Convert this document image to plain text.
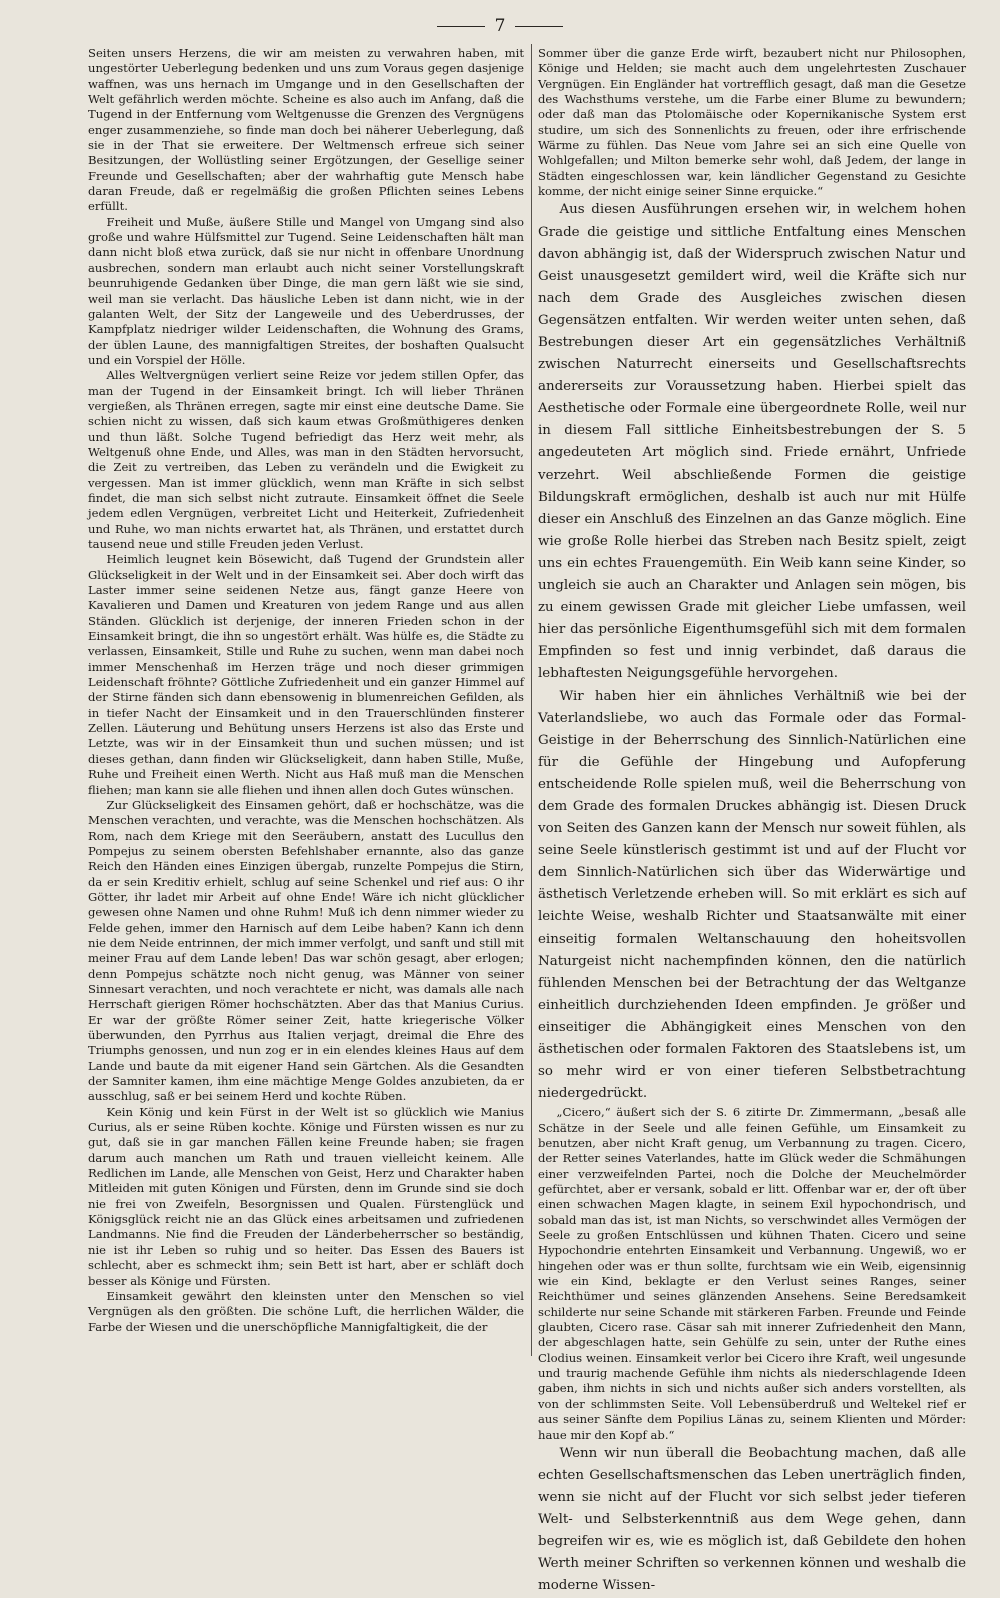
7

Seiten unsers Herzens, die wir am meisten zu verwahren haben, mit ungestörter Ueberlegung bedenken und uns zum Voraus gegen dasjenige waffnen, was uns hernach im Umgange und in den Gesellschaften der Welt gefährlich werden möchte. Scheine es also auch im Anfang, daß die Tugend in der Entfernung vom Weltgenusse die Grenzen des Vergnügens enger zusammenziehe, so finde man doch bei näherer Ueberlegung, daß sie in der That sie erweitere. Der Weltmensch erfreue sich seiner Besitzungen, der Wollüstling seiner Ergötzungen, der Gesellige seiner Freunde und Gesellschaften; aber der wahrhaftig gute Mensch habe daran Freude, daß er regelmäßig die großen Pflichten seines Lebens erfüllt.

Freiheit und Muße, äußere Stille und Mangel von Umgang sind also große und wahre Hülfsmittel zur Tugend. Seine Leidenschaften hält man dann nicht bloß etwa zurück, daß sie nur nicht in offenbare Unordnung ausbrechen, sondern man erlaubt auch nicht seiner Vorstellungskraft beunruhigende Gedanken über Dinge, die man gern läßt wie sie sind, weil man sie verlacht. Das häusliche Leben ist dann nicht, wie in der galanten Welt, der Sitz der Langeweile und des Ueberdrusses, der Kampfplatz niedriger wilder Leidenschaften, die Wohnung des Grams, der üblen Laune, des mannigfaltigen Streites, der boshaften Qualsucht und ein Vorspiel der Hölle.

Alles Weltvergnügen verliert seine Reize vor jedem stillen Opfer, das man der Tugend in der Einsamkeit bringt. Ich will lieber Thränen vergießen, als Thränen erregen, sagte mir einst eine deutsche Dame. Sie schien nicht zu wissen, daß sich kaum etwas Großmüthigeres denken und thun läßt. Solche Tugend befriedigt das Herz weit mehr, als Weltgenuß ohne Ende, und Alles, was man in den Städten hervorsucht, die Zeit zu vertreiben, das Leben zu verändeln und die Ewigkeit zu vergessen. Man ist immer glücklich, wenn man Kräfte in sich selbst findet, die man sich selbst nicht zutraute. Einsamkeit öffnet die Seele jedem edlen Vergnügen, verbreitet Licht und Heiterkeit, Zufriedenheit und Ruhe, wo man nichts erwartet hat, als Thränen, und erstattet durch tausend neue und stille Freuden jeden Verlust.

Heimlich leugnet kein Bösewicht, daß Tugend der Grundstein aller Glückseligkeit in der Welt und in der Einsamkeit sei. Aber doch wirft das Laster immer seine seidenen Netze aus, fängt ganze Heere von Kavalieren und Damen und Kreaturen von jedem Range und aus allen Ständen. Glücklich ist derjenige, der inneren Frieden schon in der Einsamkeit bringt, die ihn so ungestört erhält. Was hülfe es, die Städte zu verlassen, Einsamkeit, Stille und Ruhe zu suchen, wenn man dabei noch immer Menschenhaß im Herzen träge und noch dieser grimmigen Leidenschaft fröhnte? Göttliche Zufriedenheit und ein ganzer Himmel auf der Stirne fänden sich dann ebensowenig in blumenreichen Gefilden, als in tiefer Nacht der Einsamkeit und in den Trauerschlünden finsterer Zellen. Läuterung und Behütung unsers Herzens ist also das Erste und Letzte, was wir in der Einsamkeit thun und suchen müssen; und ist dieses gethan, dann finden wir Glückseligkeit, dann haben Stille, Muße, Ruhe und Freiheit einen Werth. Nicht aus Haß muß man die Menschen fliehen; man kann sie alle fliehen und ihnen allen doch Gutes wünschen.

Zur Glückseligkeit des Einsamen gehört, daß er hochschätze, was die Menschen verachten, und verachte, was die Menschen hochschätzen. Als Rom, nach dem Kriege mit den Seeräubern, anstatt des Lucullus den Pompejus zu seinem obersten Befehlshaber ernannte, also das ganze Reich den Händen eines Einzigen übergab, runzelte Pompejus die Stirn, da er sein Kreditiv erhielt, schlug auf seine Schenkel und rief aus: O ihr Götter, ihr ladet mir Arbeit auf ohne Ende! Wäre ich nicht glücklicher gewesen ohne Namen und ohne Ruhm! Muß ich denn nimmer wieder zu Felde gehen, immer den Harnisch auf dem Leibe haben? Kann ich denn nie dem Neide entrinnen, der mich immer verfolgt, und sanft und still mit meiner Frau auf dem Lande leben! Das war schön gesagt, aber erlogen; denn Pompejus schätzte noch nicht genug, was Männer von seiner Sinnesart verachten, und noch verachtete er nicht, was damals alle nach Herrschaft gierigen Römer hochschätzten. Aber das that Manius Curius. Er war der größte Römer seiner Zeit, hatte kriegerische Völker überwunden, den Pyrrhus aus Italien verjagt, dreimal die Ehre des Triumphs genossen, und nun zog er in ein elendes kleines Haus auf dem Lande und baute da mit eigener Hand sein Gärtchen. Als die Gesandten der Samniter kamen, ihm eine mächtige Menge Goldes anzubieten, da er ausschlug, saß er bei seinem Herd und kochte Rüben.

Kein König und kein Fürst in der Welt ist so glücklich wie Manius Curius, als er seine Rüben kochte. Könige und Fürsten wissen es nur zu gut, daß sie in gar manchen Fällen keine Freunde haben; sie fragen darum auch manchen um Rath und trauen vielleicht keinem. Alle Redlichen im Lande, alle Menschen von Geist, Herz und Charakter haben Mitleiden mit guten Königen und Fürsten, denn im Grunde sind sie doch nie frei von Zweifeln, Besorgnissen und Qualen. Fürstenglück und Königsglück reicht nie an das Glück eines arbeitsamen und zufriedenen Landmanns. Nie find die Freuden der Länderbeherrscher so beständig, nie ist ihr Leben so ruhig und so heiter. Das Essen des Bauers ist schlecht, aber es schmeckt ihm; sein Bett ist hart, aber er schläft doch besser als Könige und Fürsten.

Einsamkeit gewährt den kleinsten unter den Menschen so viel Vergnügen als den größten. Die schöne Luft, die herrlichen Wälder, die Farbe der Wiesen und die unerschöpfliche Mannigfaltigkeit, die der

Sommer über die ganze Erde wirft, bezaubert nicht nur Philosophen, Könige und Helden; sie macht auch dem ungelehrtesten Zuschauer Vergnügen. Ein Engländer hat vortrefflich gesagt, daß man die Gesetze des Wachsthums verstehe, um die Farbe einer Blume zu bewundern; oder daß man das Ptolomäische oder Kopernikanische System erst studire, um sich des Sonnenlichts zu freuen, oder ihre erfrischende Wärme zu fühlen. Das Neue vom Jahre sei an sich eine Quelle von Wohlgefallen; und Milton bemerke sehr wohl, daß Jedem, der lange in Städten eingeschlossen war, kein ländlicher Gegenstand zu Gesichte komme, der nicht einige seiner Sinne erquicke.“

Aus diesen Ausführungen ersehen wir, in welchem hohen Grade die geistige und sittliche Entfaltung eines Menschen davon abhängig ist, daß der Widerspruch zwischen Natur und Geist unausgesetzt gemildert wird, weil die Kräfte sich nur nach dem Grade des Ausgleiches zwischen diesen Gegensätzen entfalten. Wir werden weiter unten sehen, daß Bestrebungen dieser Art ein gegensätzliches Verhältniß zwischen Naturrecht einerseits und Gesellschaftsrechts andererseits zur Voraussetzung haben. Hierbei spielt das Aesthetische oder Formale eine übergeordnete Rolle, weil nur in diesem Fall sittliche Einheitsbestrebungen der S. 5 angedeuteten Art möglich sind. Friede ernährt, Unfriede verzehrt. Weil abschließende Formen die geistige Bildungskraft ermöglichen, deshalb ist auch nur mit Hülfe dieser ein Anschluß des Einzelnen an das Ganze möglich. Eine wie große Rolle hierbei das Streben nach Besitz spielt, zeigt uns ein echtes Frauengemüth. Ein Weib kann seine Kinder, so ungleich sie auch an Charakter und Anlagen sein mögen, bis zu einem gewissen Grade mit gleicher Liebe umfassen, weil hier das persönliche Eigenthumsgefühl sich mit dem formalen Empfinden so fest und innig verbindet, daß daraus die lebhaftesten Neigungsgefühle hervorgehen.

Wir haben hier ein ähnliches Verhältniß wie bei der Vaterlandsliebe, wo auch das Formale oder das Formal-Geistige in der Beherrschung des Sinnlich-Natürlichen eine für die Gefühle der Hingebung und Aufopferung entscheidende Rolle spielen muß, weil die Beherrschung von dem Grade des formalen Druckes abhängig ist. Diesen Druck von Seiten des Ganzen kann der Mensch nur soweit fühlen, als seine Seele künstlerisch gestimmt ist und auf der Flucht vor dem Sinnlich-Natürlichen sich über das Widerwärtige und ästhetisch Verletzende erheben will. So mit erklärt es sich auf leichte Weise, weshalb Richter und Staatsanwälte mit einer einseitig formalen Weltanschauung den hoheitsvollen Naturgeist nicht nachempfinden können, den die natürlich fühlenden Menschen bei der Betrachtung der das Weltganze einheitlich durchziehenden Ideen empfinden. Je größer und einseitiger die Abhängigkeit eines Menschen von den ästhetischen oder formalen Faktoren des Staatslebens ist, um so mehr wird er von einer tieferen Selbstbetrachtung niedergedrückt.

„Cicero,“ äußert sich der S. 6 zitirte Dr. Zimmermann, „besaß alle Schätze in der Seele und alle feinen Gefühle, um Einsamkeit zu benutzen, aber nicht Kraft genug, um Verbannung zu tragen. Cicero, der Retter seines Vaterlandes, hatte im Glück weder die Schmähungen einer verzweifelnden Partei, noch die Dolche der Meuchelmörder gefürchtet, aber er versank, sobald er litt. Offenbar war er, der oft über einen schwachen Magen klagte, in seinem Exil hypochondrisch, und sobald man das ist, ist man Nichts, so verschwindet alles Vermögen der Seele zu großen Entschlüssen und kühnen Thaten. Cicero und seine Hypochondrie entehrten Einsamkeit und Verbannung. Ungewiß, wo er hingehen oder was er thun sollte, furchtsam wie ein Weib, eigensinnig wie ein Kind, beklagte er den Verlust seines Ranges, seiner Reichthümer und seines glänzenden Ansehens. Seine Beredsamkeit schilderte nur seine Schande mit stärkeren Farben. Freunde und Feinde glaubten, Cicero rase. Cäsar sah mit innerer Zufriedenheit den Mann, der abgeschlagen hatte, sein Gehülfe zu sein, unter der Ruthe eines Clodius weinen. Einsamkeit verlor bei Cicero ihre Kraft, weil ungesunde und traurig machende Gefühle ihm nichts als niederschlagende Ideen gaben, ihm nichts in sich und nichts außer sich anders vorstellten, als von der schlimmsten Seite. Voll Lebensüberdruß und Weltekel rief er aus seiner Sänfte dem Popilius Länas zu, seinem Klienten und Mörder: haue mir den Kopf ab.“

Wenn wir nun überall die Beobachtung machen, daß alle echten Gesellschaftsmenschen das Leben unerträglich finden, wenn sie nicht auf der Flucht vor sich selbst jeder tieferen Welt- und Selbsterkenntniß aus dem Wege gehen, dann begreifen wir es, wie es möglich ist, daß Gebildete den hohen Werth meiner Schriften so verkennen können und weshalb die moderne Wissen-
